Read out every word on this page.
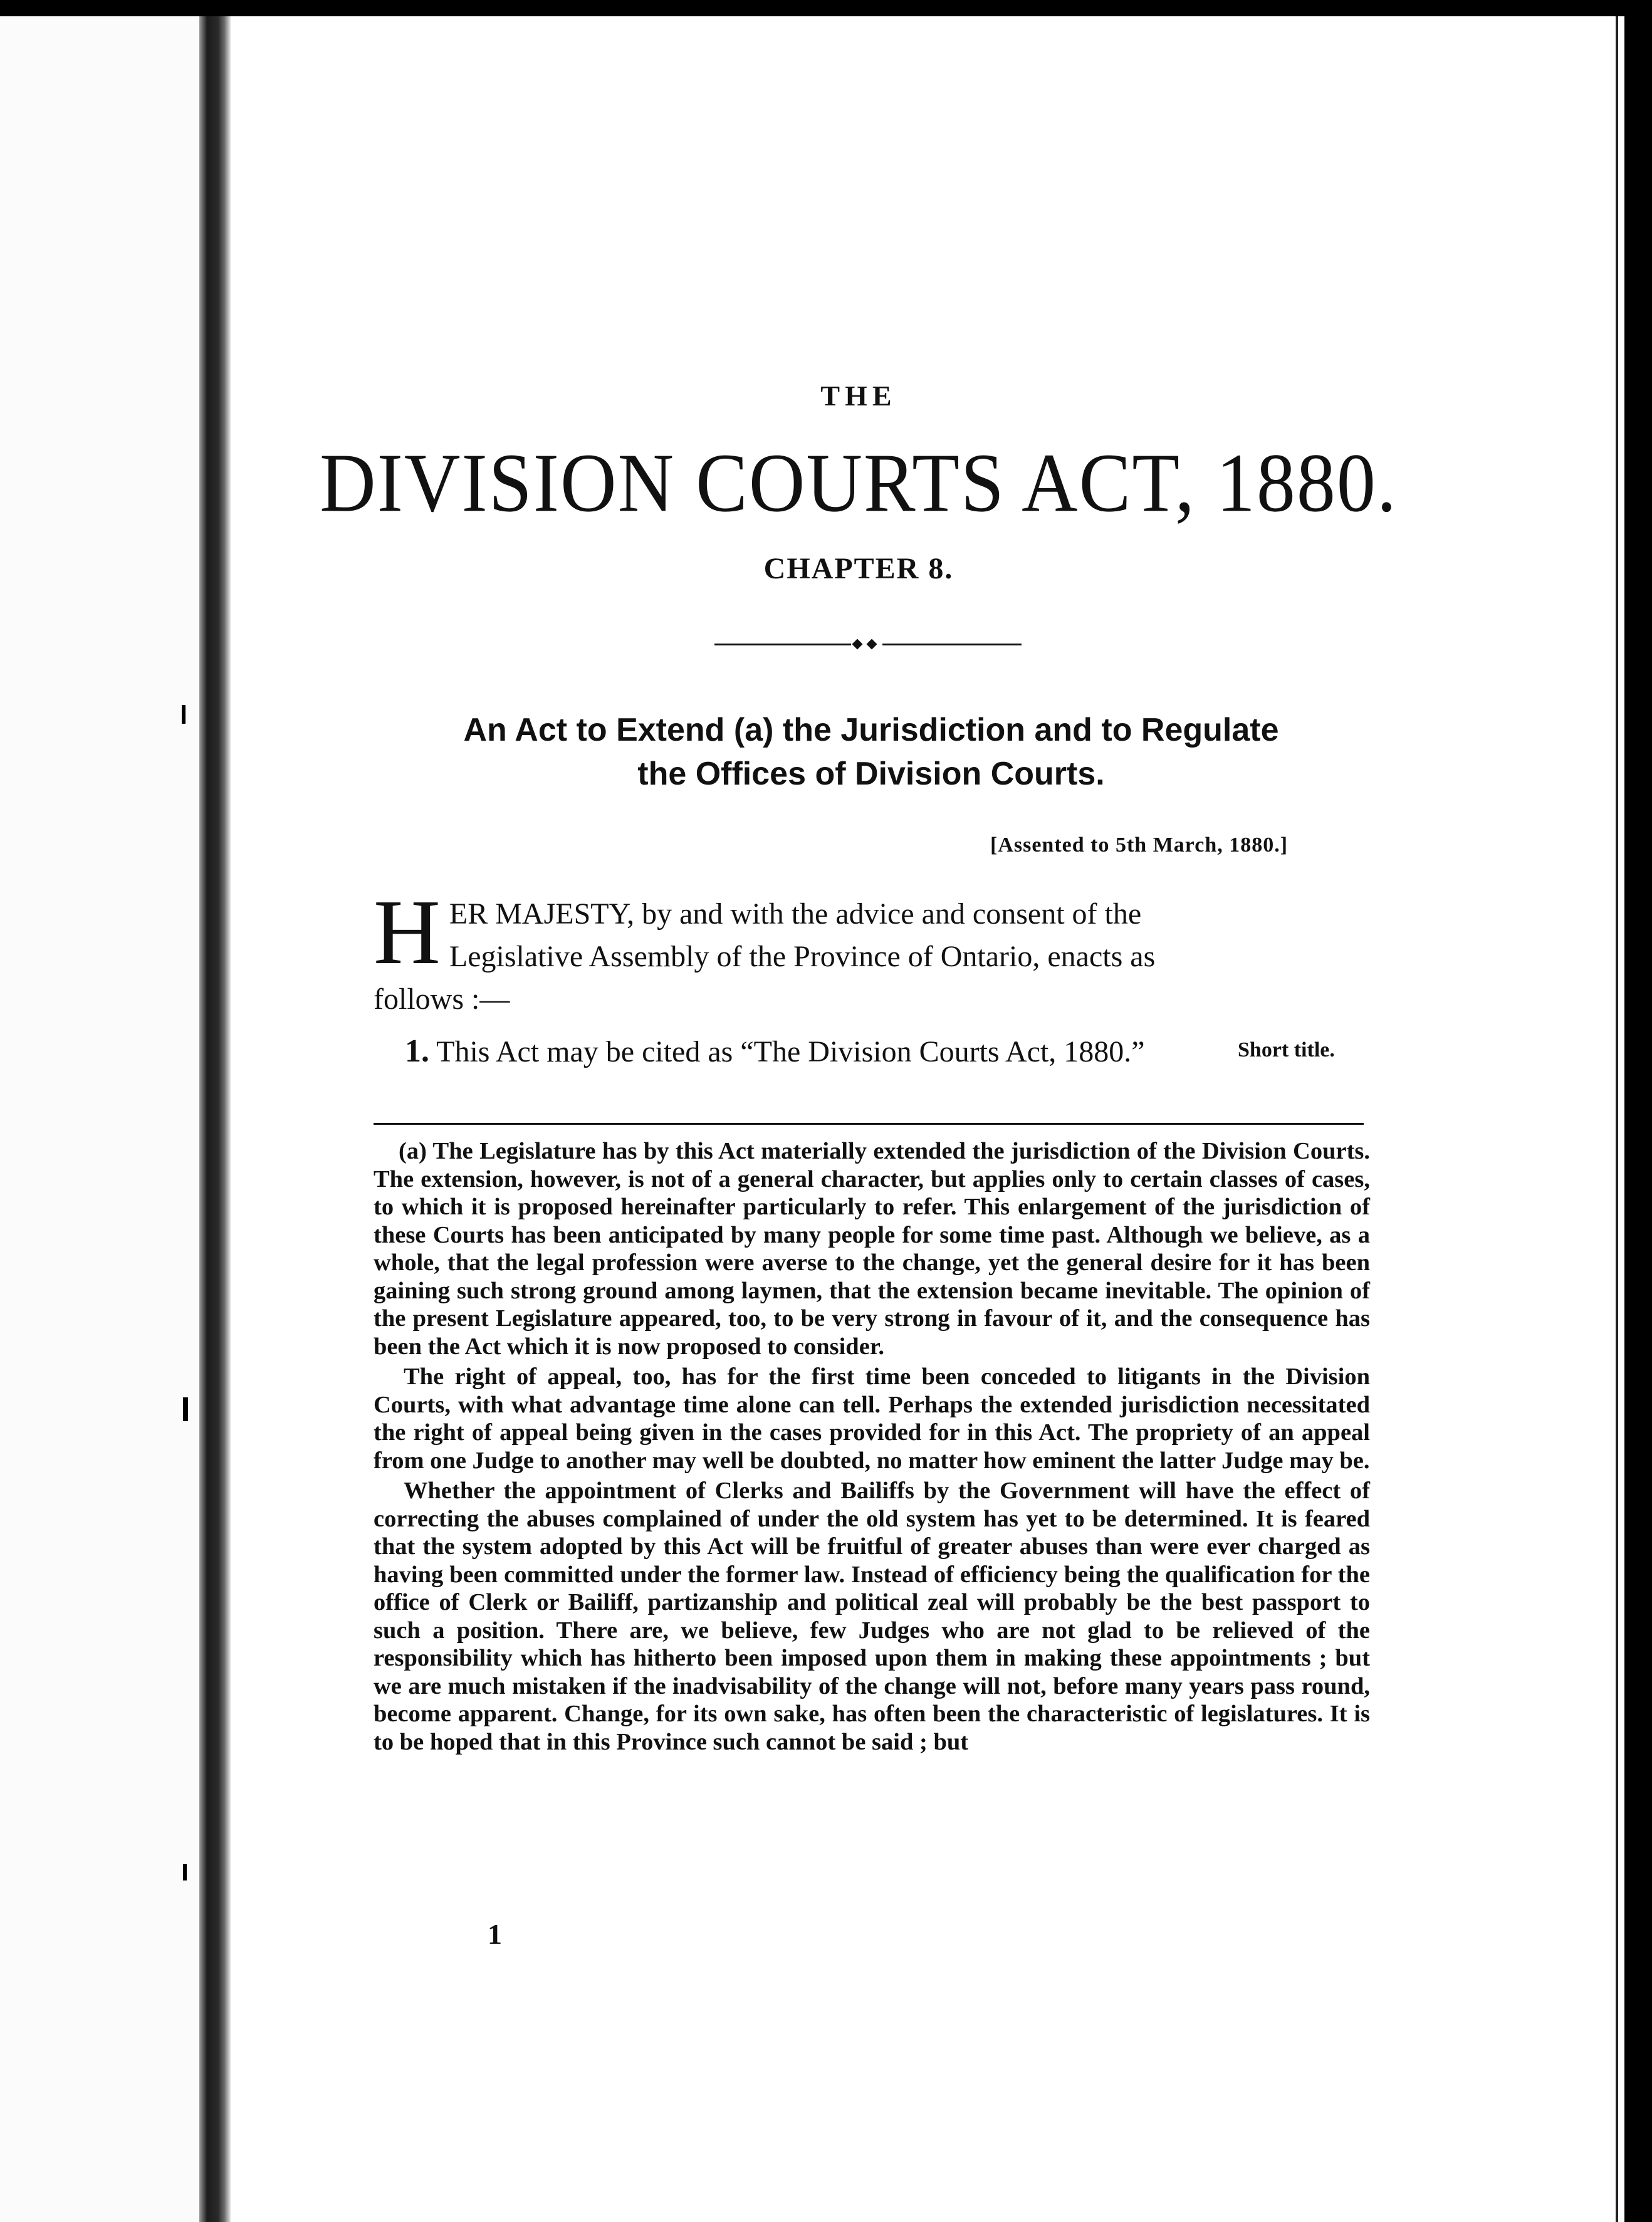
THE
DIVISION COURTS ACT, 1880.
CHAPTER 8.
An Act to Extend (a) the Jurisdiction and to Regulate
the Offices of Division Courts.
[Assented to 5th March, 1880.]
H ER MAJESTY, by and with the advice and consent of the Legislative Assembly of the Province of Ontario, enacts as follows :—
1. This Act may be cited as “The Division Courts Act, 1880.”	Short title.

(a) The Legislature has by this Act materially extended the jurisdiction of the Division Courts. The extension, however, is not of a general character, but applies only to certain classes of cases, to which it is proposed hereinafter particularly to refer. This enlargement of the jurisdiction of these Courts has been anticipated by many people for some time past. Although we believe, as a whole, that the legal profession were averse to the change, yet the general desire for it has been gaining such strong ground among laymen, that the extension became inevitable. The opinion of the present Legislature appeared, too, to be very strong in favour of it, and the consequence has been the Act which it is now proposed to consider.

The right of appeal, too, has for the first time been conceded to litigants in the Division Courts, with what advantage time alone can tell. Perhaps the extended jurisdiction necessitated the right of appeal being given in the cases provided for in this Act. The propriety of an appeal from one Judge to another may well be doubted, no matter how eminent the latter Judge may be.

Whether the appointment of Clerks and Bailiffs by the Government will have the effect of correcting the abuses complained of under the old system has yet to be determined. It is feared that the system adopted by this Act will be fruitful of greater abuses than were ever charged as having been committed under the former law. Instead of efficiency being the qualification for the office of Clerk or Bailiff, partizanship and political zeal will probably be the best passport to such a position. There are, we believe, few Judges who are not glad to be relieved of the responsibility which has hitherto been imposed upon them in making these appointments ; but we are much mistaken if the inadvisability of the change will not, before many years pass round, become apparent. Change, for its own sake, has often been the characteristic of legislatures. It is to be hoped that in this Province such cannot be said ; but

1
